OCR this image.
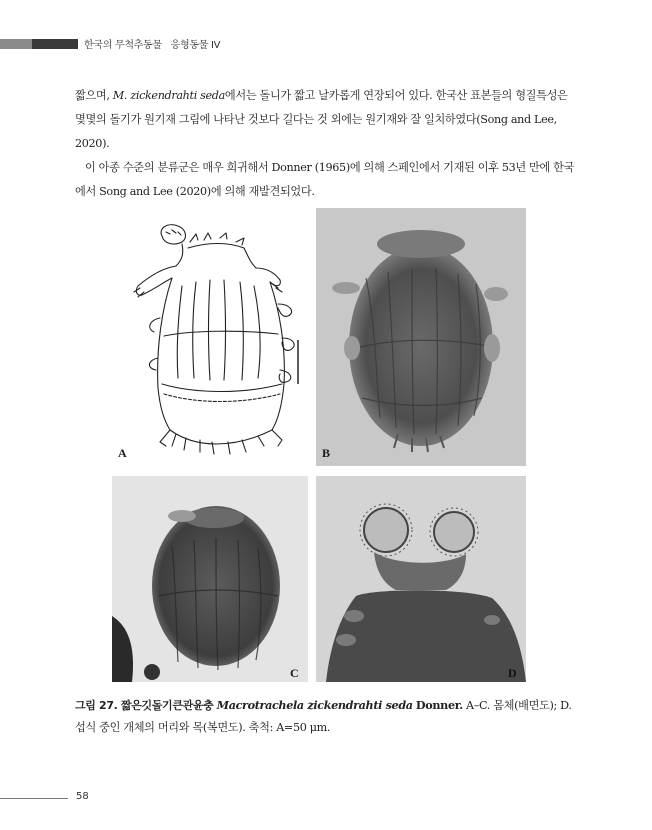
한국의 무척추동물 응형동물 IV

짧으며, M. zickendrahti seda에서는 돌니가 짧고 날카롭게 연장되어 있다. 한국산 표본들의 형질특성은 몇몇의 돌기가 원기재 그림에 나타난 것보다 길다는 것 외에는 원기재와 잘 일치하였다(Song and Lee, 2020).

이 아종 수준의 분류군은 매우 희귀해서 Donner (1965)에 의해 스페인에서 기재된 이후 53년 만에 한국에서 Song and Lee (2020)에 의해 재발견되었다.

A	B
C	D
그림 27. 짧은깃돌기큰관윤충 Macrotrachela zickendrahti seda Donner. A–C. 몸체(배면도); D. 섭식 중인 개체의 머리와 목(복면도). 축척: A=50 μm.
58
